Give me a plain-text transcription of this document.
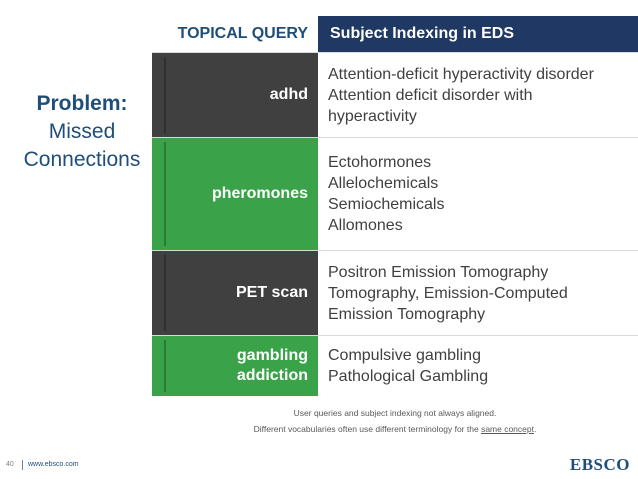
Problem:
Missed
Connections
TOPICAL QUERY	Subject Indexing in EDS
adhd
Attention-deficit hyperactivity disorder
Attention deficit disorder with
hyperactivity
pheromones
Ectohormones
Allelochemicals
Semiochemicals
Allomones
PET scan
Positron Emission Tomography
Tomography, Emission-Computed
Emission Tomography
gambling
addiction
Compulsive gambling
Pathological Gambling
User queries and subject indexing not always aligned.
Different vocabularies often use different terminology for the same concept.
40 www.ebsco.com	EBSCO
